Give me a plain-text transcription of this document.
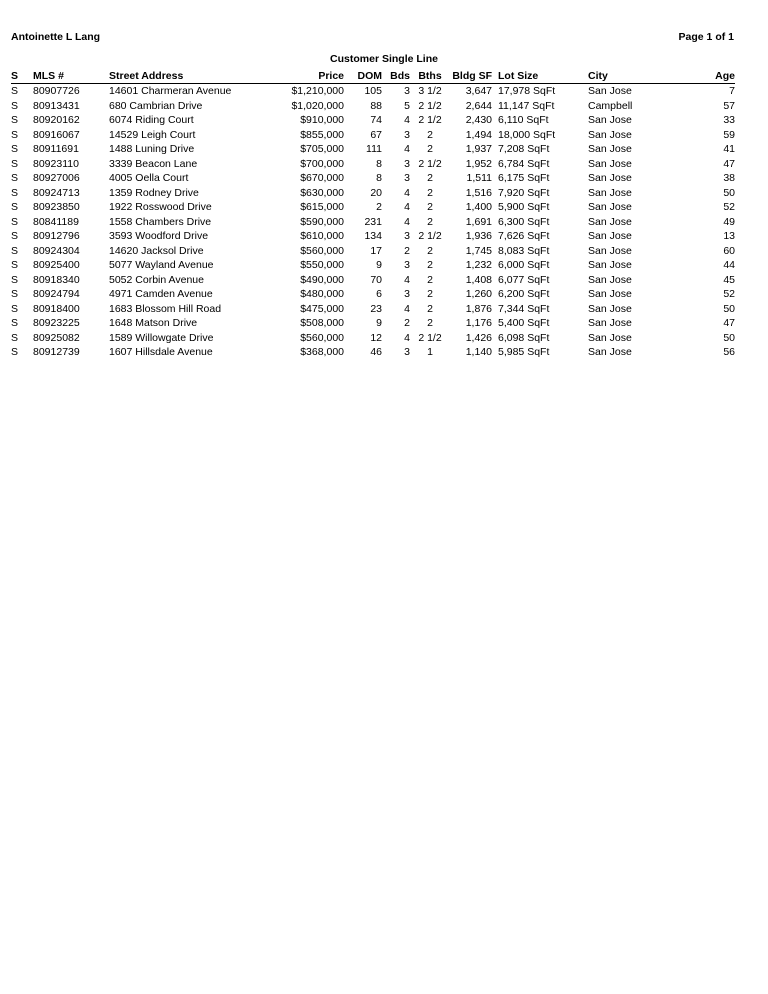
Antoinette L Lang	Page 1 of 1
Customer Single Line
S	MLS #	Street Address	Price	DOM	Bds	Bths	Bldg SF	Lot Size	City	Age
S	80907726	14601 Charmeran Avenue	$1,210,000	105	3	3 1/2	3,647	17,978 SqFt	San Jose	7
S	80913431	680 Cambrian Drive	$1,020,000	88	5	2 1/2	2,644	11,147 SqFt	Campbell	57
S	80920162	6074 Riding Court	$910,000	74	4	2 1/2	2,430	6,110 SqFt	San Jose	33
S	80916067	14529 Leigh Court	$855,000	67	3	2	1,494	18,000 SqFt	San Jose	59
S	80911691	1488 Luning Drive	$705,000	111	4	2	1,937	7,208 SqFt	San Jose	41
S	80923110	3339 Beacon Lane	$700,000	8	3	2 1/2	1,952	6,784 SqFt	San Jose	47
S	80927006	4005 Oella Court	$670,000	8	3	2	1,511	6,175 SqFt	San Jose	38
S	80924713	1359 Rodney Drive	$630,000	20	4	2	1,516	7,920 SqFt	San Jose	50
S	80923850	1922 Rosswood Drive	$615,000	2	4	2	1,400	5,900 SqFt	San Jose	52
S	80841189	1558 Chambers Drive	$590,000	231	4	2	1,691	6,300 SqFt	San Jose	49
S	80912796	3593 Woodford Drive	$610,000	134	3	2 1/2	1,936	7,626 SqFt	San Jose	13
S	80924304	14620 Jacksol Drive	$560,000	17	2	2	1,745	8,083 SqFt	San Jose	60
S	80925400	5077 Wayland Avenue	$550,000	9	3	2	1,232	6,000 SqFt	San Jose	44
S	80918340	5052 Corbin Avenue	$490,000	70	4	2	1,408	6,077 SqFt	San Jose	45
S	80924794	4971 Camden Avenue	$480,000	6	3	2	1,260	6,200 SqFt	San Jose	52
S	80918400	1683 Blossom Hill Road	$475,000	23	4	2	1,876	7,344 SqFt	San Jose	50
S	80923225	1648 Matson Drive	$508,000	9	2	2	1,176	5,400 SqFt	San Jose	47
S	80925082	1589 Willowgate Drive	$560,000	12	4	2 1/2	1,426	6,098 SqFt	San Jose	50
S	80912739	1607 Hillsdale Avenue	$368,000	46	3	1	1,140	5,985 SqFt	San Jose	56
